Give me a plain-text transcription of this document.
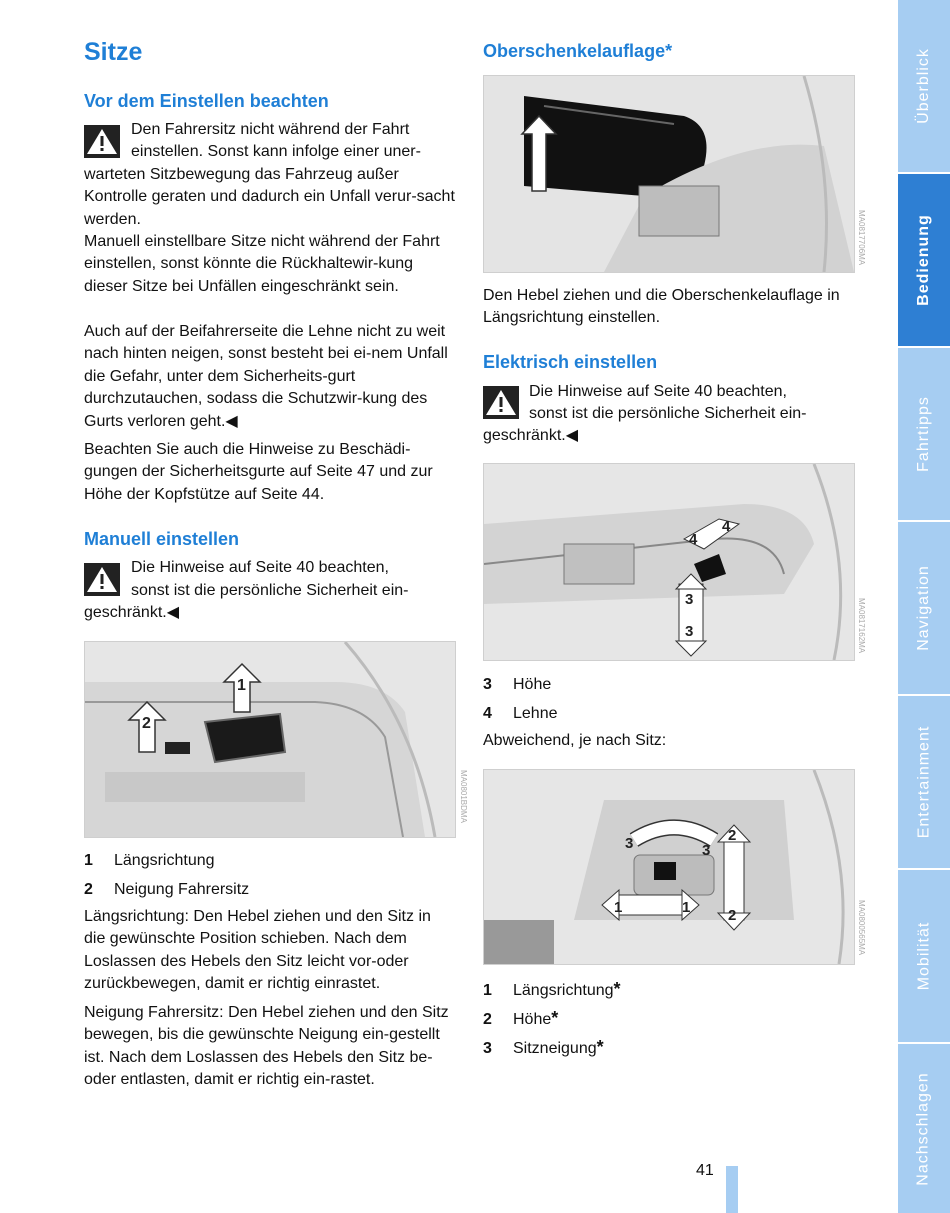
Sitze
Vor dem Einstellen beachten

Den Fahrersitz nicht während der Fahrt

einstellen. Sonst kann infolge einer uner-

warteten Sitzbewegung das Fahrzeug außer Kontrolle geraten und dadurch ein Unfall verur-sacht werden.

Manuell einstellbare Sitze nicht während der Fahrt einstellen, sonst könnte die Rückhaltewir-kung dieser Sitze bei Unfällen eingeschränkt sein.

Auch auf der Beifahrerseite die Lehne nicht zu weit nach hinten neigen, sonst besteht bei ei-nem Unfall die Gefahr, unter dem Sicherheits-gurt durchzutauchen, sodass die Schutzwir-kung des Gurts verloren geht.◀

Beachten Sie auch die Hinweise zu Beschädi-gungen der Sicherheitsgurte auf Seite 47 und zur Höhe der Kopfstütze auf Seite 44.

Manuell einstellen

Die Hinweise auf Seite 40 beachten,

sonst ist die persönliche Sicherheit ein-

geschränkt.◀

1
2
MA0801BDMA
1 Längsrichtung
2 Neigung Fahrersitz

Längsrichtung: Den Hebel ziehen und den Sitz in die gewünschte Position schieben. Nach dem Loslassen des Hebels den Sitz leicht vor-oder zurückbewegen, damit er richtig einrastet.

Neigung Fahrersitz: Den Hebel ziehen und den Sitz bewegen, bis die gewünschte Neigung ein-gestellt ist. Nach dem Loslassen des Hebels den Sitz be- oder entlasten, damit er richtig ein-rastet.

Oberschenkelauflage*
MA0817706MA

Den Hebel ziehen und die Oberschenkelauflage in Längsrichtung einstellen.

Elektrisch einstellen

Die Hinweise auf Seite 40 beachten,

sonst ist die persönliche Sicherheit ein-

geschränkt.◀

3
3
4
4
MA0817162MA
3 Höhe
4 Lehne

Abweichend, je nach Sitz:

3	3
2
2
1	1	MA0800565MA
1 Längsrichtung*
2 Höhe*
3 Sitzneigung*
41
Überblick
Bedienung
Fahrtipps
Navigation
Entertainment
Mobilität
Nachschlagen
